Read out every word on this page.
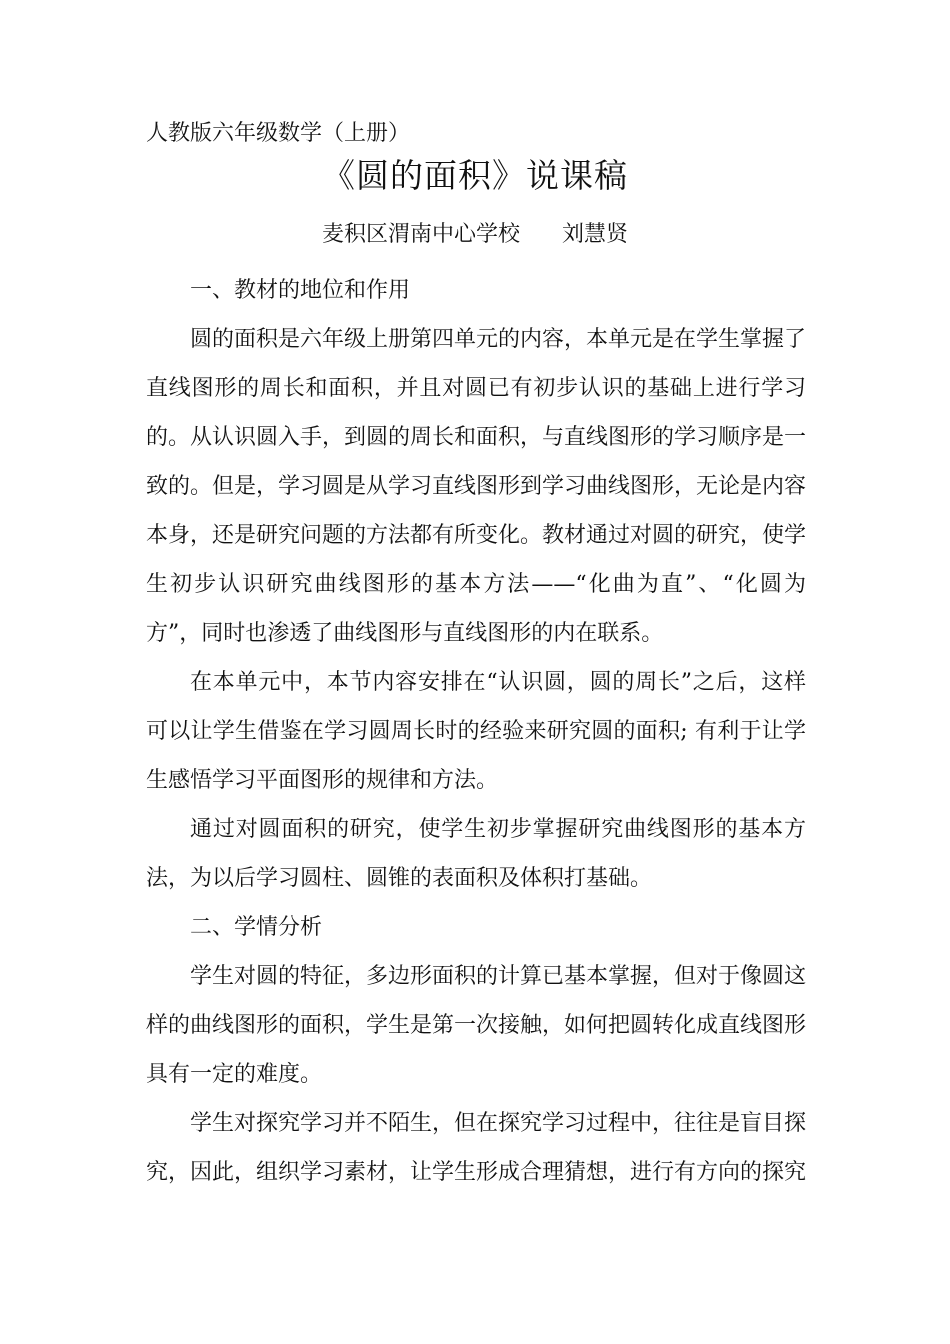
人教版六年级数学（上册）
《圆的面积》说课稿
麦积区渭南中心学校 刘慧贤

一、教材的地位和作用

圆的面积是六年级上册第四单元的内容，本单元是在学生掌握了直线图形的周长和面积，并且对圆已有初步认识的基础上进行学习的。从认识圆入手，到圆的周长和面积，与直线图形的学习顺序是一致的。但是，学习圆是从学习直线图形到学习曲线图形，无论是内容本身，还是研究问题的方法都有所变化。教材通过对圆的研究，使学生初步认识研究曲线图形的基本方法——“化曲为直”、“化圆为方”，同时也渗透了曲线图形与直线图形的内在联系。

在本单元中，本节内容安排在“认识圆，圆的周长”之后，这样可以让学生借鉴在学习圆周长时的经验来研究圆的面积; 有利于让学生感悟学习平面图形的规律和方法。

通过对圆面积的研究，使学生初步掌握研究曲线图形的基本方法，为以后学习圆柱、圆锥的表面积及体积打基础。

二、学情分析

学生对圆的特征，多边形面积的计算已基本掌握，但对于像圆这样的曲线图形的面积，学生是第一次接触，如何把圆转化成直线图形具有一定的难度。

学生对探究学习并不陌生，但在探究学习过程中，往往是盲目探究，因此，组织学习素材，让学生形成合理猜想，进行有方向的探究
